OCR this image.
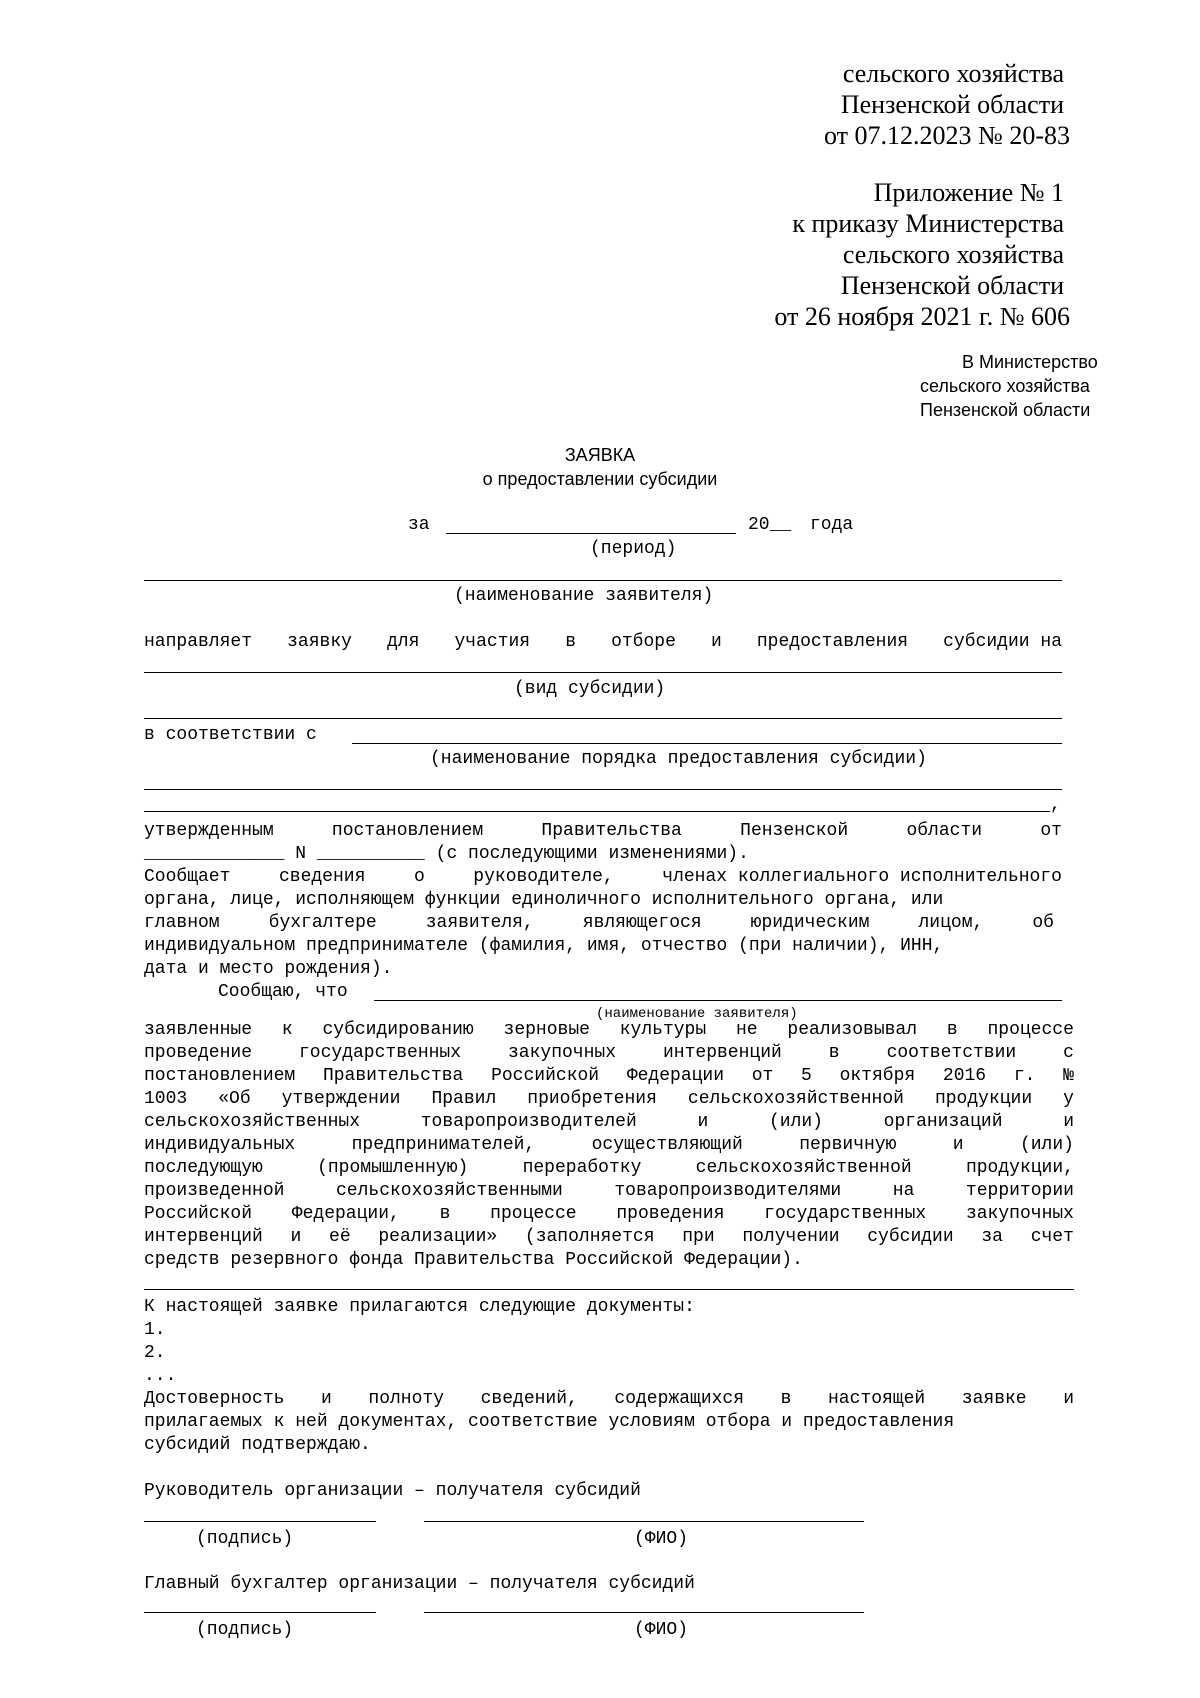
сельского хозяйства
Пензенской области
от 07.12.2023 № 20-83
Приложение № 1
к приказу Министерства
сельского хозяйства
Пензенской области
от 26 ноября 2021 г. № 606
В Министерство
сельского хозяйства
Пензенской области
ЗАЯВКА
о предоставлении субсидии
за	20__ года
(период)
(наименование заявителя)
направляет заявку для участия в отборе и предоставления субсидии на
(вид субсидии)
в соответствии с
(наименование порядка предоставления субсидии)
,
утвержденным	постановлением	Правительства	Пензенской	области	от
_____________ N __________ (с последующими изменениями).
Сообщает	сведения	о	руководителе,	членах коллегиального исполнительного
органа, лице, исполняющем функции единоличного исполнительного органа, или
главном	бухгалтере	заявителя,	являющегося	юридическим	лицом,	об
индивидуальном предпринимателе (фамилия, имя, отчество (при наличии), ИНН,
дата и место рождения).
Сообщаю, что
(наименование заявителя)
заявленные к субсидированию зерновые культуры не реализовывал в процессе
проведение	государственных	закупочных	интервенций	в	соответствии	с
постановлением Правительства Российской Федерации от 5 октября 2016 г. №
1003 «Об утверждении Правил приобретения сельскохозяйственной продукции у
сельскохозяйственных	товаропроизводителей	и	(или)	организаций	и
индивидуальных	предпринимателей,	осуществляющий	первичную	и	(или)
последующую	(промышленную)	переработку	сельскохозяйственной	продукции,
произведенной	сельскохозяйственными	товаропроизводителями	на	территории
Российской Федерации, в процессе проведения государственных закупочных
интервенций и её реализации» (заполняется при получении субсидии за счет
средств резервного фонда Правительства Российской Федерации).
К настоящей заявке прилагаются следующие документы:
1.
2.
...
Достоверность и полноту сведений, содержащихся в настоящей заявке и
прилагаемых к ней документах, соответствие условиям отбора и предоставления
субсидий подтверждаю.
Руководитель организации – получателя субсидий
(подпись)	(ФИО)
Главный бухгалтер организации – получателя субсидий
(подпись)	(ФИО)
